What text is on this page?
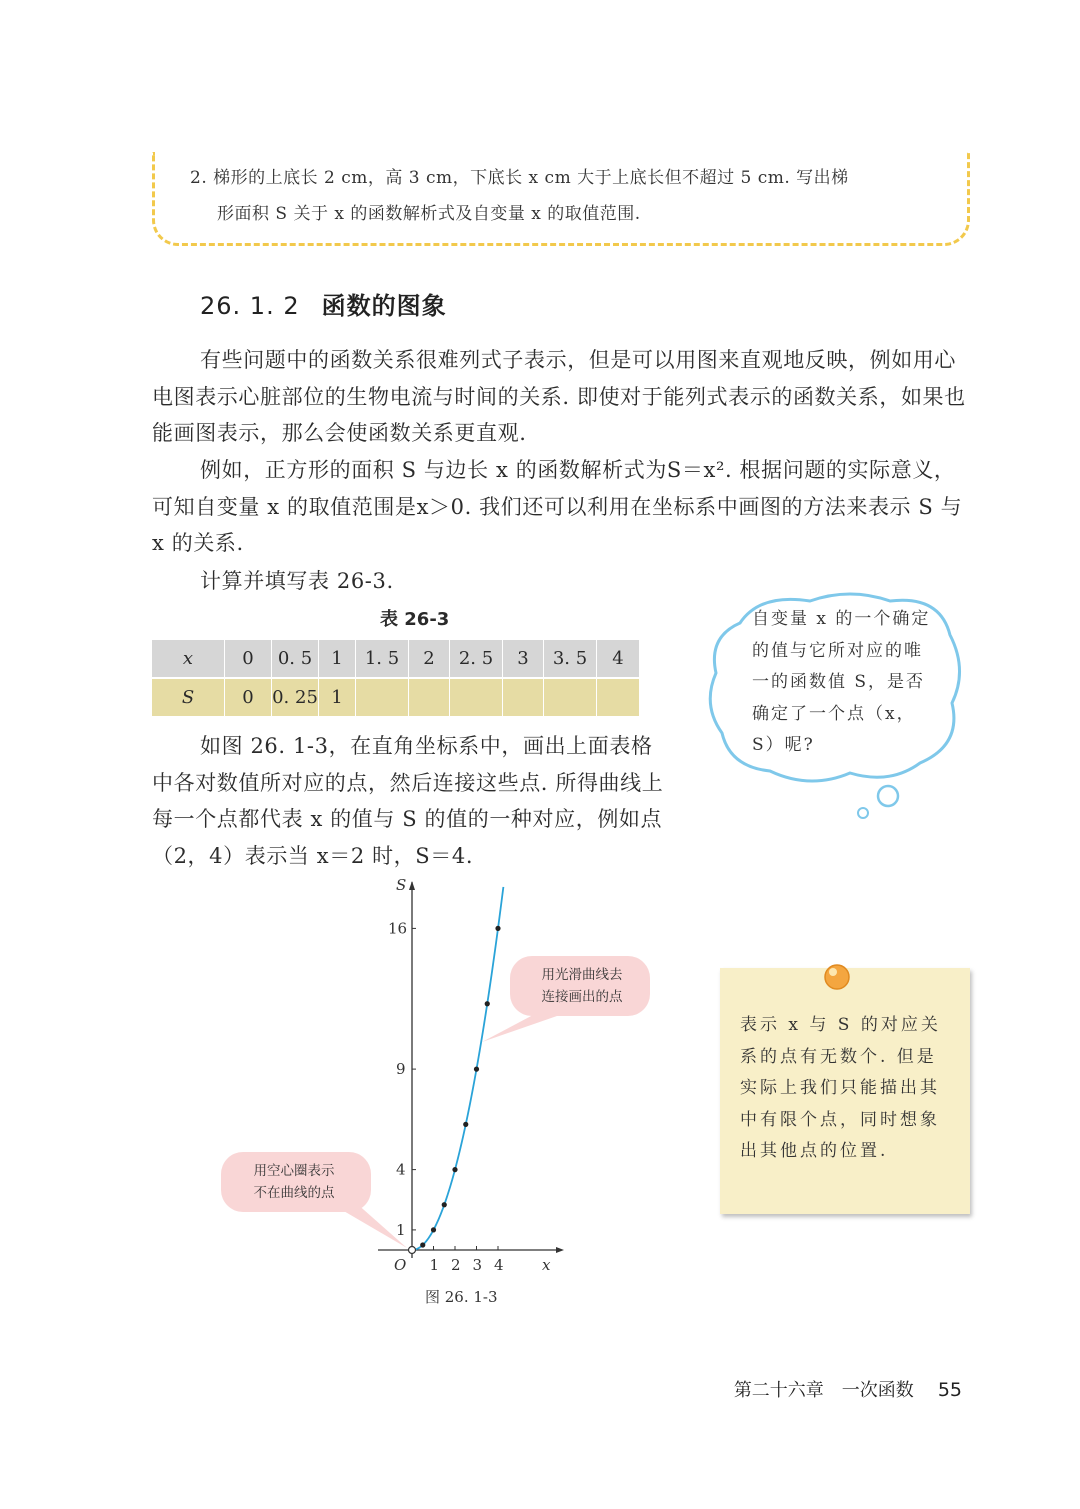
2. 梯形的上底长 2 cm，高 3 cm，下底长 x cm 大于上底长但不超过 5 cm. 写出梯
形面积 S 关于 x 的函数解析式及自变量 x 的取值范围.
26. 1. 2 函数的图象
有些问题中的函数关系很难列式子表示，但是可以用图来直观地反映，例如用心电图表示心脏部位的生物电流与时间的关系. 即使对于能列式表示的函数关系，如果也能画图表示，那么会使函数关系更直观.
例如，正方形的面积 S 与边长 x 的函数解析式为S＝x². 根据问题的实际意义，可知自变量 x 的取值范围是x＞0. 我们还可以利用在坐标系中画图的方法来表示 S 与 x 的关系.
计算并填写表 26-3.
表 26-3
x	0	0. 5	1	1. 5	2	2. 5	3	3. 5	4
S	0	0. 25	1						
自变量 x 的一个确定的值与它所对应的唯一的函数值 S，是否确定了一个点（x，S）呢?
如图 26. 1-3，在直角坐标系中，画出上面表格中各对数值所对应的点，然后连接这些点. 所得曲线上每一个点都代表 x 的值与 S 的值的一种对应，例如点（2，4）表示当 x＝2 时，S＝4.
表示 x 与 S 的对应关系的点有无数个. 但是实际上我们只能描出其中有限个点，同时想象出其他点的位置.
1 2 3 4
1
4
9
16
O	x
S
用光滑曲线去
连接画出的点
用空心圈表示
不在曲线的点
图 26. 1-3
第二十六章　一次函数 55
